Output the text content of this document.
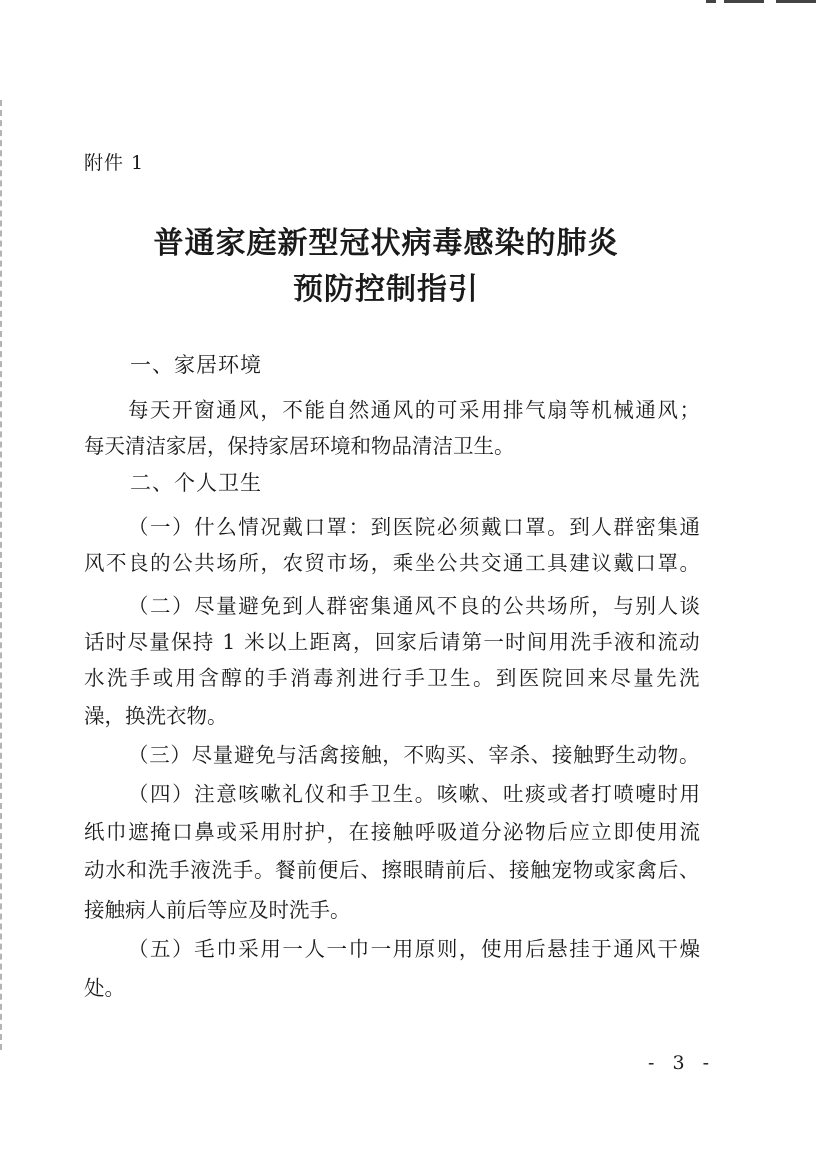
附件 1
普通家庭新型冠状病毒感染的肺炎
预防控制指引
一、家居环境
每天开窗通风，不能自然通风的可采用排气扇等机械通风；
每天清洁家居，保持家居环境和物品清洁卫生。
二、个人卫生
（一）什么情况戴口罩：到医院必须戴口罩。到人群密集通
风不良的公共场所，农贸市场，乘坐公共交通工具建议戴口罩。
（二）尽量避免到人群密集通风不良的公共场所，与别人谈
话时尽量保持 1 米以上距离，回家后请第一时间用洗手液和流动
水洗手或用含醇的手消毒剂进行手卫生。到医院回来尽量先洗
澡，换洗衣物。
（三）尽量避免与活禽接触，不购买、宰杀、接触野生动物。
（四）注意咳嗽礼仪和手卫生。咳嗽、吐痰或者打喷嚏时用
纸巾遮掩口鼻或采用肘护，在接触呼吸道分泌物后应立即使用流
动水和洗手液洗手。餐前便后、擦眼睛前后、接触宠物或家禽后、
接触病人前后等应及时洗手。
（五）毛巾采用一人一巾一用原则，使用后悬挂于通风干燥
处。
- 3 -
